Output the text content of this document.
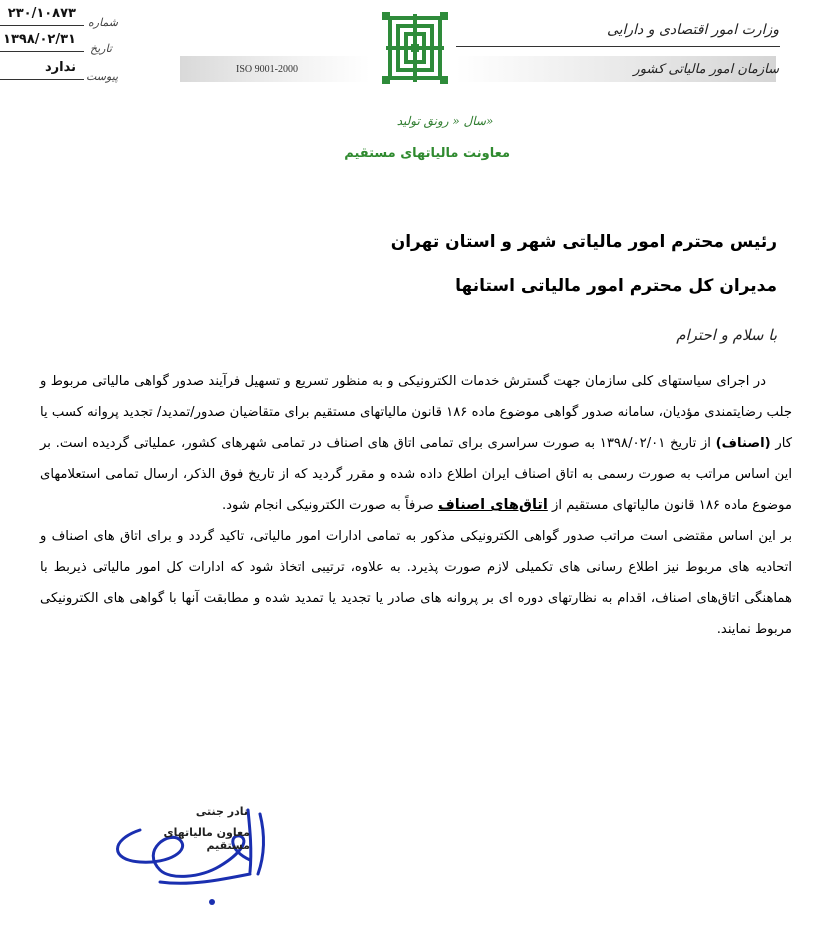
وزارت امور اقتصادی و دارایی
سازمان امور مالیاتی کشور
ISO 9001-2000
۲۳۰/۱۰۸۷۳
شماره
۱۳۹۸/۰۲/۳۱
تاریخ
ندارد
پیوست
سال « رونق تولید»
معاونت مالیاتهای مستقیم
رئیس محترم امور مالیاتی شهر و استان تهران
مدیران کل محترم امور مالیاتی استانها
با سلام و احترام

در اجرای سیاستهای کلی سازمان جهت گسترش خدمات الکترونیکی و به منظور تسریع و تسهیل فرآیند صدور گواهی مالیاتی مربوط و جلب رضایتمندی مؤدیان، سامانه صدور گواهی موضوع ماده ۱۸۶ قانون مالیاتهای مستقیم برای متقاضیان صدور/تمدید/ تجدید پروانه کسب یا کار (اصناف) از تاریخ ۱۳۹۸/۰۲/۰۱ به صورت سراسری برای تمامی اتاق های اصناف در تمامی شهرهای کشور، عملیاتی گردیده است. بر این اساس مراتب به صورت رسمی به اتاق اصناف ایران اطلاع داده شده و مقرر گردید که از تاریخ فوق الذکر، ارسال تمامی استعلامهای موضوع ماده ۱۸۶ قانون مالیاتهای مستقیم از اتاق‌های اصناف صرفاً به صورت الکترونیکی انجام شود.

بر این اساس مقتضی است مراتب صدور گواهی الکترونیکی مذکور به تمامی ادارات امور مالیاتی، تاکید گردد و برای اتاق های اصناف و اتحادیه های مربوط نیز اطلاع رسانی های تکمیلی لازم صورت پذیرد. به علاوه، ترتیبی اتخاذ شود که ادارات کل امور مالیاتی ذیربط با هماهنگی اتاق‌های اصناف، اقدام به نظارتهای دوره ای بر پروانه های صادر یا تجدید یا تمدید شده و مطابقت آنها با گواهی های الکترونیکی مربوط نمایند.

نادر جنتی
معاون مالیاتهای مستقیم
